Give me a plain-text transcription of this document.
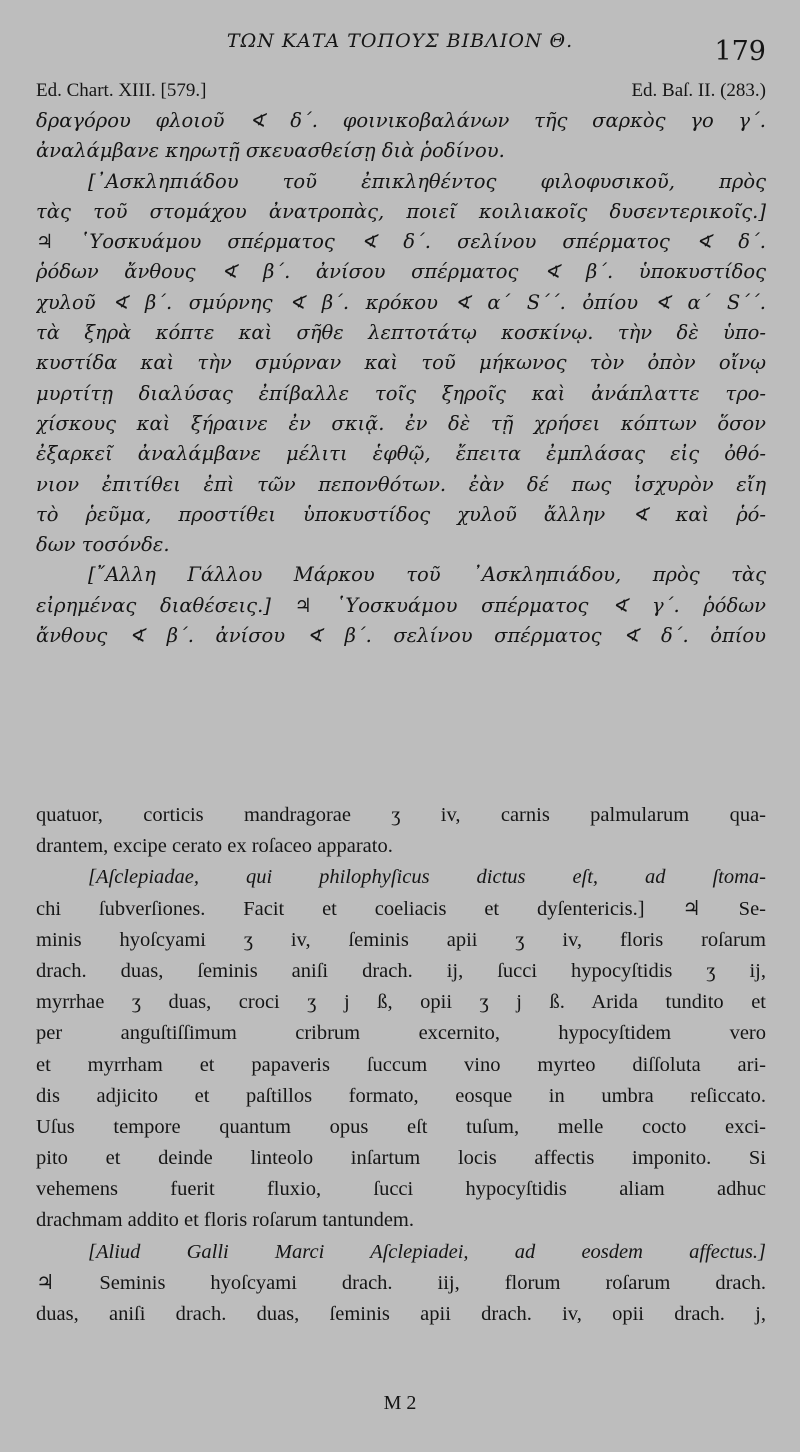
ΤΩΝ ΚΑΤΑ ΤΟΠΟΥΣ ΒΙΒΛΙΟΝ Θ.	179
Ed. Chart. XIII. [579.]	Ed. Baſ. II. (283.)
δραγόρου φλοιοῦ ∢ δ΄. φοινικοβαλάνων τῆς σαρκὸς γο γ΄.
ἀναλάμβανε κηρωτῇ σκευασθείσῃ διὰ ῥοδίνου.
[᾽Ασκληπιάδου τοῦ ἐπικληθέντος φιλοφυσικοῦ, πρὸς
τὰς τοῦ στομάχου ἀνατροπὰς, ποιεῖ κοιλιακοῖς δυσεντερικοῖς.]
♃ ῾Υοσκυάμου σπέρματος ∢ δ΄. σελίνου σπέρματος ∢ δ΄.
ῥόδων ἄνθους ∢ β΄. ἀνίσου σπέρματος ∢ β΄. ὑποκυστίδος
χυλοῦ ∢ β΄. σμύρνης ∢ β΄. κρόκου ∢ α΄ S΄΄. ὀπίου ∢ α΄ S΄΄.
τὰ ξηρὰ κόπτε καὶ σῆθε λεπτοτάτῳ κοσκίνῳ. τὴν δὲ ὑπο-
κυστίδα καὶ τὴν σμύρναν καὶ τοῦ μήκωνος τὸν ὀπὸν οἴνῳ
μυρτίτῃ διαλύσας ἐπίβαλλε τοῖς ξηροῖς καὶ ἀνάπλαττε τρο-
χίσκους καὶ ξήραινε ἐν σκιᾷ. ἐν δὲ τῇ χρήσει κόπτων ὅσον
ἐξαρκεῖ ἀναλάμβανε μέλιτι ἑφθῷ, ἔπειτα ἐμπλάσας εἰς ὀθό-
νιον ἐπιτίθει ἐπὶ τῶν πεπονθότων. ἐὰν δέ πως ἰσχυρὸν εἴη
τὸ ῥεῦμα, προστίθει ὑποκυστίδος χυλοῦ ἄλλην ∢ καὶ ῥό-
δων τοσόνδε.
[῎Αλλη Γάλλου Μάρκου τοῦ ᾽Ασκληπιάδου, πρὸς τὰς
εἰρημένας διαθέσεις.] ♃ ῾Υοσκυάμου σπέρματος ∢ γ΄. ῥόδων
ἄνθους ∢ β΄. ἀνίσου ∢ β΄. σελίνου σπέρματος ∢ δ΄. ὀπίου
quatuor, corticis mandragorae ʒ iv, carnis palmularum qua-
drantem, excipe cerato ex roſaceo apparato.
[Aſclepiadae, qui philophyſicus dictus eſt, ad ſtoma-
chi ſubverſiones. Facit et coeliacis et dyſentericis.] ♃ Se-
minis hyoſcyami ʒ iv, ſeminis apii ʒ iv, floris roſarum
drach. duas, ſeminis aniſi drach. ij, ſucci hypocyſtidis ʒ ij,
myrrhae ʒ duas, croci ʒ j ß, opii ʒ j ß. Arida tundito et
per anguſtiſſimum cribrum excernito, hypocyſtidem vero
et myrrham et papaveris ſuccum vino myrteo diſſoluta ari-
dis adjicito et paſtillos formato, eosque in umbra reſiccato.
Uſus tempore quantum opus eſt tuſum, melle cocto exci-
pito et deinde linteolo inſartum locis affectis imponito. Si
vehemens fuerit fluxio, ſucci hypocyſtidis aliam adhuc
drachmam addito et floris roſarum tantundem.
[Aliud Galli Marci Aſclepiadei, ad eosdem affectus.]
♃ Seminis hyoſcyami drach. iij, florum roſarum drach.
duas, aniſi drach. duas, ſeminis apii drach. iv, opii drach. j,
M 2
